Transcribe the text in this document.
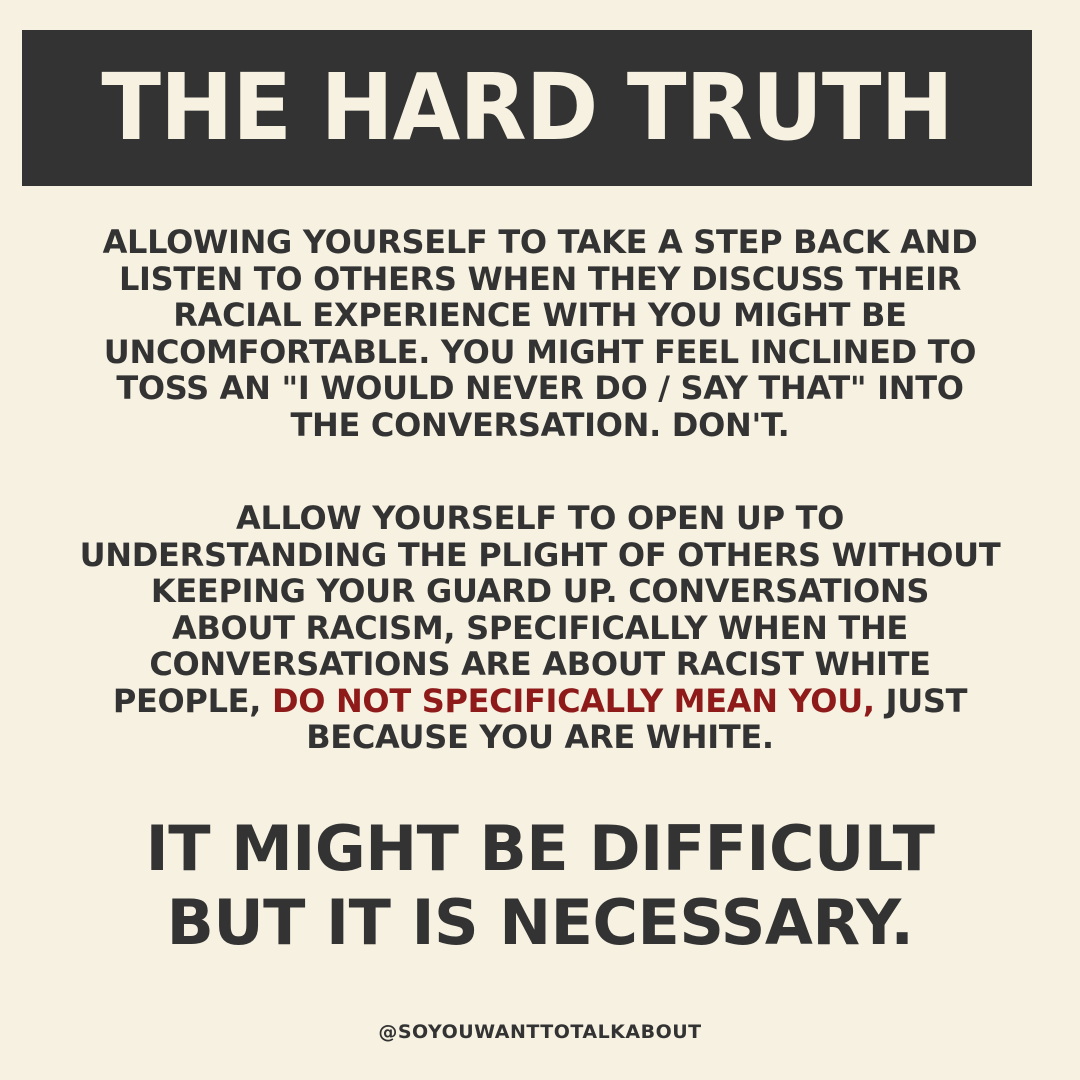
THE HARD TRUTH
ALLOWING YOURSELF TO TAKE A STEP BACK AND
LISTEN TO OTHERS WHEN THEY DISCUSS THEIR
RACIAL EXPERIENCE WITH YOU MIGHT BE
UNCOMFORTABLE. YOU MIGHT FEEL INCLINED TO
TOSS AN "I WOULD NEVER DO / SAY THAT" INTO
THE CONVERSATION. DON'T.
ALLOW YOURSELF TO OPEN UP TO
UNDERSTANDING THE PLIGHT OF OTHERS WITHOUT
KEEPING YOUR GUARD UP. CONVERSATIONS
ABOUT RACISM, SPECIFICALLY WHEN THE
CONVERSATIONS ARE ABOUT RACIST WHITE
PEOPLE, DO NOT SPECIFICALLY MEAN YOU, JUST
BECAUSE YOU ARE WHITE.
IT MIGHT BE DIFFICULT
BUT IT IS NECESSARY.
@SOYOUWANTTOTALKABOUT
